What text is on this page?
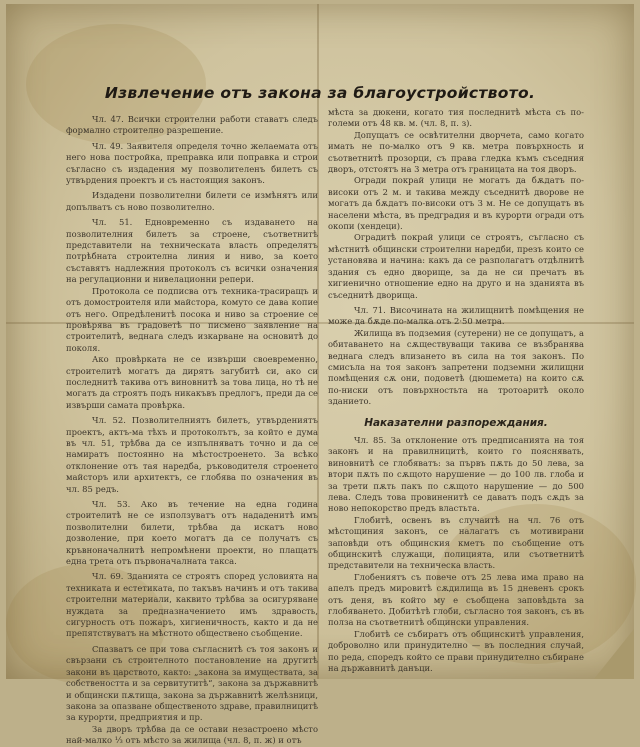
Извлечение отъ закона за благоустройството.

Чл. 47. Всички строителни работи ставатъ следъ формално строително разрешение.

Чл. 49. Заявителя определя точно желаемата отъ него нова постройка, преправка или поправка и строи съгласно съ издадения му позволителенъ билетъ съ утвърдения проектъ и съ настоящия законъ.

Издадени позволителни билети се измѣнятъ или допълватъ съ ново позволително.

Чл. 51. Едновременно съ издаването на позволителния билетъ за строене, съответнитѣ представители на техническата власть определятъ потрѣбната строителна линия и ниво, за което съставятъ надлежния протоколъ съ всички означения на регулационни и нивелационни репери.

Протокола се подписва отъ техника-трасиращъ и отъ домостроителя или майстора, комуто се дава копие отъ него. Опредѣленитѣ посока и ниво за строение се провѣрява въ градоветѣ по писмено заявление на строителитѣ, веднага следъ изкарване на основитѣ до поколя.

Ако провѣрката не се извърши своевременно, строителитѣ могатъ да дирятъ загубитѣ си, ако си последнитѣ такива отъ виновнитѣ за това лица, но тѣ не могатъ да строятъ подъ никакъвъ предлогъ, преди да се извърши самата провѣрка.

Чл. 52. Позволителниятъ билетъ, утвърдениятъ проектъ, актъ-ма тѣхъ и протоколътъ, за който е дума въ чл. 51, трѣбва да се изпълняватъ точно и да се намиратъ постоянно на мѣстостроенето. За всѣко отклонение отъ тая наредба, ръководителя строенето майсторъ или архитектъ, се глобява по означения въ чл. 85 редъ.

Чл. 53. Ако въ течение на една година строителитѣ не се използуватъ отъ нададенитѣ имъ позволителни билети, трѣбва да искатъ ново дозволение, при което могатъ да се получатъ съ кръвноначалнитѣ непромѣнени проекти, но плащатъ една трета отъ първоначалната такса.

Чл. 69. Зданията се строятъ според условията на техниката и естетиката, по такъвъ начинъ и отъ такива строителни материали, каквито трѣбва за осигуряване нуждата за предназначението имъ здравость, сигурность отъ пожаръ, хигиеничность, както и да не препятствуватъ на мѣстното обществено съобщение.

Спазватъ се при това съгласнитѣ съ тоя законъ и свързани съ строителното постановление на другитѣ закони въ царството, както: „закона за имуществата, за собствеността и за сервитутитѣ“, закона за държавнитѣ и общински пѫтища, закона за държавнитѣ желѣзници, закона за опазване общественото здраве, правилницитѣ за курорти, предприятия и пр.

За дворъ трѣбва да се остави незастроено мѣсто най-малко ¹⁄₃ отъ мѣсто за жилища (чл. 8, п. ж) и отъ

мѣста за дюкени, когато тия последнитѣ мѣста съ по-големи отъ 48 кв. м. (чл. 8, п. з).

Допущатъ се освѣтителни дворчета, само когато имать не по-малко отъ 9 кв. метра повърхность и съответнитѣ прозорци, съ права гледка къмъ съседния дворъ, отстоятъ на 3 метра отъ границата на тоя дворъ.

Огради покрай улици не могатъ да бѫдатъ по-високи отъ 2 м. и такива между съседнитѣ дворове не могатъ да бѫдатъ по-високи отъ 3 м. Не се допущатъ въ населени мѣста, въ предградия и въ курорти огради отъ окопи (хендеци).

Оградитѣ покрай улици се строятъ, съгласно съ мѣстнитѣ общински строителни наредби, презъ които се установява и начина: какъ да се разполагатъ отдѣлнитѣ здания съ едно дворище, за да не си пречатъ въ хигиенично отношение едно на друго и на зданията въ съседнитѣ дворища.

Чл. 71. Височината на жилищнитѣ помѣщения не може да бѫде по-малка отъ 2·50 метра.

Жилища въ подземия (сутерени) не се допущатъ, а обитаването на сѫществуващи такива се възбранява веднага следъ влизането въ сила на тоя законъ. По смисъла на тоя законъ запретени подземни жилищни помѣщения сѫ они, подоветѣ (дюшемета) на които сѫ по-ниски отъ повърхностьта на тротоаритѣ около зданието.

Наказателни разпореждания.

Чл. 85. За отклонение отъ предписанията на тоя законъ и на правилницитѣ, които го пояснявать, виновнитѣ се глобяватъ: за първъ пѫть до 50 лева, за втори пѫть по сѫщото нарушение — до 100 лв. глоба и за трети пѫть пакъ по сѫщото нарушение — до 500 лева. Следъ това провиненитѣ се даватъ подъ сѫдъ за ново непокорство предъ властьта.

Глобитѣ, освенъ въ случаитѣ на чл. 76 отъ мѣстощиния законъ, се налагатъ съ мотивирани заповѣди отъ общинския кметъ по съобщение отъ общинскитѣ служащи, полицията, или съответнитѣ представители на техническа власть.

Глобениятъ съ повече отъ 25 лева има право на апелъ предъ мировитѣ сѫдилища въ 15 дневенъ срокъ отъ деня, въ който му е съобщена заповѣдьта за глобяването. Добитѣтѣ глоби, съгласно тоя законъ, съ въ полза на съответнитѣ общински управления.

Глобитѣ се събиратъ отъ общинскитѣ управления, доброволно или принудително — въ последния случай, по реда, споредъ който се прави принудително събиране на държавнитѣ данъци.
